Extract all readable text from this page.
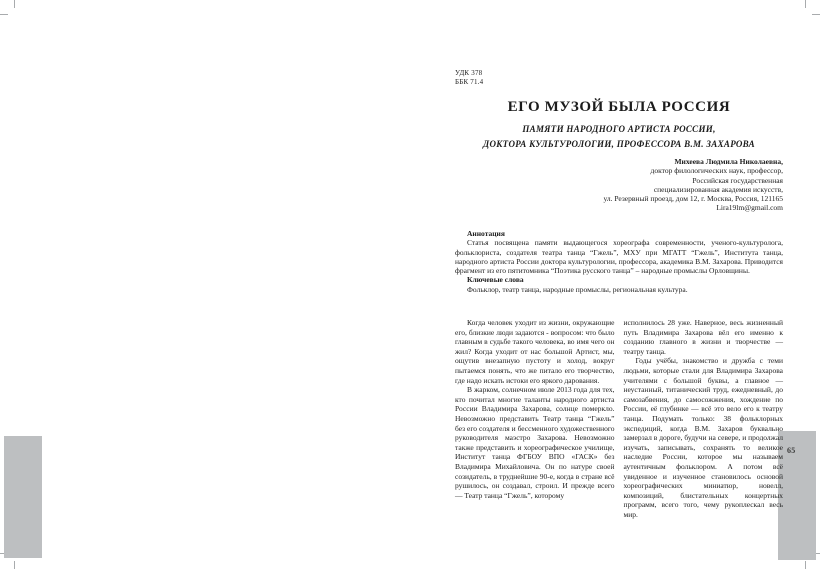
65
УДК 378
ББК 71.4
ЕГО МУЗОЙ БЫЛА РОССИЯ
ПАМЯТИ НАРОДНОГО АРТИСТА РОССИИ,
ДОКТОРА КУЛЬТУРОЛОГИИ, ПРОФЕССОРА В.М. ЗАХАРОВА
Михеева Людмила Николаевна,
доктор филологических наук, профессор,
Российская государственная
специализированная академия искусств,
ул. Резервный проезд, дом 12, г. Москва, Россия, 121165
Lira19lm@gmail.com
Аннотация

Статья посвящена памяти выдающегося хореографа современности, ученого-культуролога, фольклориста, создателя театра танца “Гжель”, МХУ при МГАТТ “Гжель”, Института танца, народного артиста России доктора культурологии, профессора, академика В.М. Захарова. Приводится фрагмент из его пятитомника “Поэтика русского танца” – народные промыслы Орловщины.

Ключевые слова

Фольклор, театр танца, народные промыслы, региональная культура.

Когда человек уходит из жизни, окружающие его, близкие люди задаются - вопросом: что было главным в судьбе такого человека, во имя чего он жил? Когда уходит от нас большой Артист, мы, ощутив внезапную пустоту и холод, вокруг пытаемся понять, что же питало его творчество, где надо искать истоки его яркого дарования.

В жарком, солнечном июле 2013 года для тех, кто почитал многие таланты народного артиста России Владимира Захарова, солнце померкло. Невозможно представить Театр танца “Гжель” без его создателя и бессменного художественного руководителя маэстро Захарова. Невозможно также представить и хореографическое училище, Институт танца ФГБОУ ВПО «ГАСК» без Владимира Михайловича. Он по натуре своей созидатель, в труднейшие 90-е, когда в стране всё рушилось, он создавал, строил. И прежде всего — Театр танца “Гжель”, которому

исполнилось 28 уже. Наверное, весь жизненный путь Владимира Захарова вёл его именно к созданию главного в жизни и творчестве — театру танца.

Годы учёбы, знакомство и дружба с теми людьми, которые стали для Владимира Захарова учителями с большой буквы, а главное — неустанный, титанический труд, ежедневный, до самозабвения, до самосожжения, хождение по России, её глубинке — всё это вело его к театру танца. Подумать только: 38 фольклорных экспедиций, когда В.М. Захаров буквально замерзал в дороге, будучи на севере, и продолжал изучать, записывать, сохранять то великое наследие России, которое мы называем аутентичным фольклором. А потом всё увиденное и изученное становилось основой хореографических миниатюр, новелл, композиций, блистательных концертных программ, всего того, чему рукоплескал весь мир.
